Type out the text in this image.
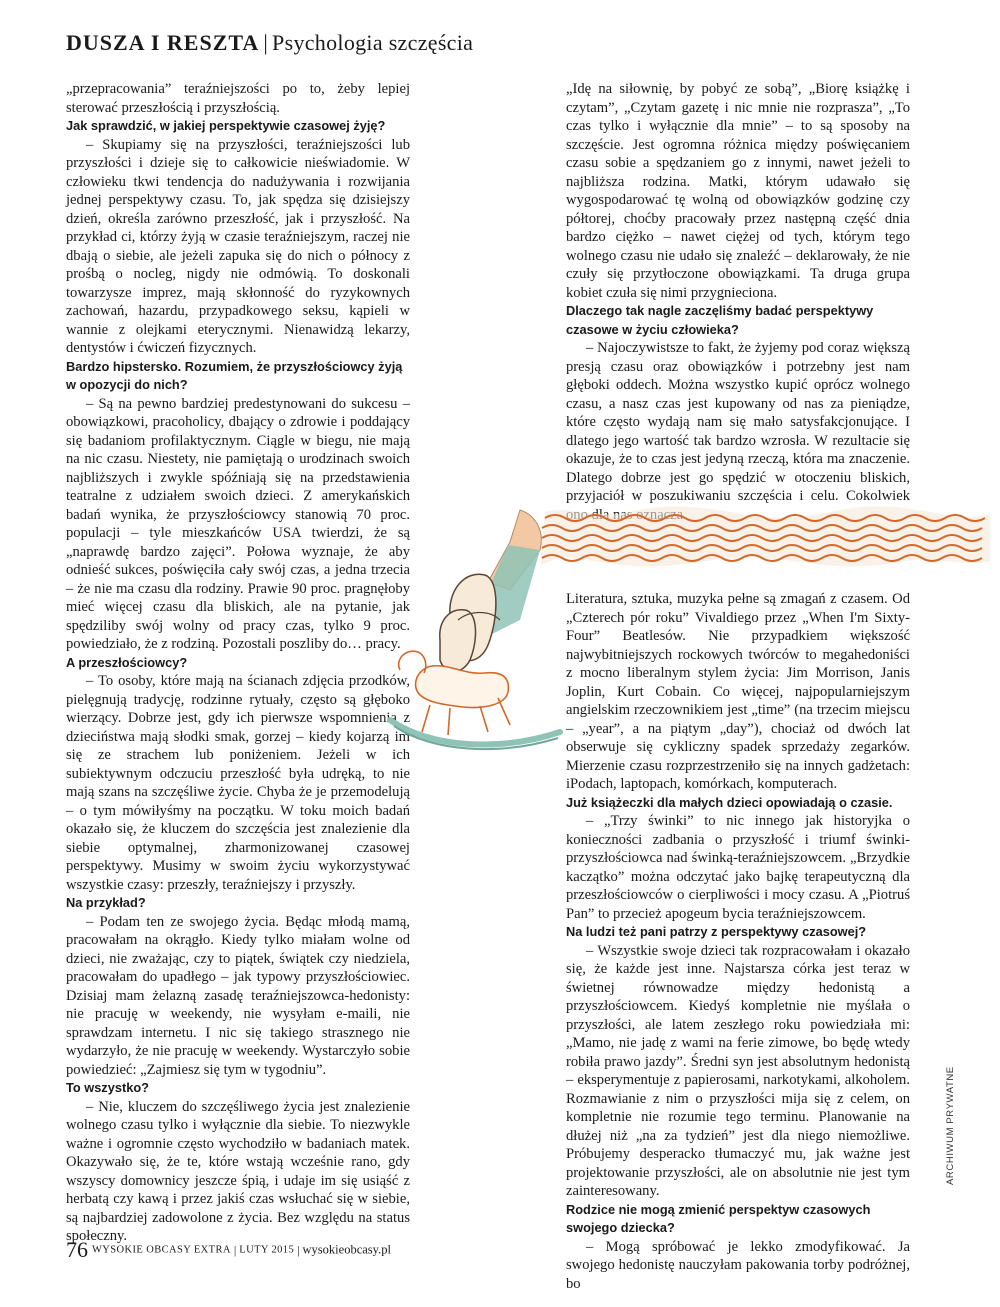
DUSZA I RESZTA | Psychologia szczęścia

„przepracowania” teraźniejszości po to, żeby lepiej sterować przeszłością i przyszłością.

Jak sprawdzić, w jakiej perspektywie czasowej żyję?

– Skupiamy się na przyszłości, teraźniejszości lub przyszłości i dzieje się to całkowicie nieświadomie. W człowieku tkwi tendencja do nadużywania i rozwijania jednej perspektywy czasu. To, jak spędza się dzisiejszy dzień, określa zarówno przeszłość, jak i przyszłość. Na przykład ci, którzy żyją w czasie teraźniejszym, raczej nie dbają o siebie, ale jeżeli zapuka się do nich o północy z prośbą o nocleg, nigdy nie odmówią. To doskonali towarzysze imprez, mają skłonność do ryzykownych zachowań, hazardu, przypadkowego seksu, kąpieli w wannie z olejkami eterycznymi. Nienawidzą lekarzy, dentystów i ćwiczeń fizycznych.

Bardzo hipstersko. Rozumiem, że przyszłościowcy żyją w opozycji do nich?

– Są na pewno bardziej predestynowani do sukcesu – obowiązkowi, pracoholicy, dbający o zdrowie i poddający się badaniom profilaktycznym. Ciągle w biegu, nie mają na nic czasu. Niestety, nie pamiętają o urodzinach swoich najbliższych i zwykle spóźniają się na przedstawienia teatralne z udziałem swoich dzieci. Z amerykańskich badań wynika, że przyszłościowcy stanowią 70 proc. populacji – tyle mieszkańców USA twierdzi, że są „naprawdę bardzo zajęci”. Połowa wyznaje, że aby odnieść sukces, poświęciła cały swój czas, a jedna trzecia – że nie ma czasu dla rodziny. Prawie 90 proc. pragnęłoby mieć więcej czasu dla bliskich, ale na pytanie, jak spędziliby swój wolny od pracy czas, tylko 9 proc. powiedziało, że z rodziną. Pozostali poszliby do… pracy.

A przeszłościowcy?

– To osoby, które mają na ścianach zdjęcia przodków, pielęgnują tradycję, rodzinne rytuały, często są głęboko wierzący. Dobrze jest, gdy ich pierwsze wspomnienia z dzieciństwa mają słodki smak, gorzej – kiedy kojarzą im się ze strachem lub poniżeniem. Jeżeli w ich subiektywnym odczuciu przeszłość była udręką, to nie mają szans na szczęśliwe życie. Chyba że je przemodelują – o tym mówiłyśmy na początku. W toku moich badań okazało się, że kluczem do szczęścia jest znalezienie dla siebie optymalnej, zharmonizowanej czasowej perspektywy. Musimy w swoim życiu wykorzystywać wszystkie czasy: przeszły, teraźniejszy i przyszły.

Na przykład?

– Podam ten ze swojego życia. Będąc młodą mamą, pracowałam na okrągło. Kiedy tylko miałam wolne od dzieci, nie zważając, czy to piątek, świątek czy niedziela, pracowałam do upadłego – jak typowy przyszłościowiec. Dzisiaj mam żelazną zasadę teraźniejszowca-hedonisty: nie pracuję w weekendy, nie wysyłam e-maili, nie sprawdzam internetu. I nic się takiego strasznego nie wydarzyło, że nie pracuję w weekendy. Wystarczyło sobie powiedzieć: „Zajmiesz się tym w tygodniu”.

To wszystko?

– Nie, kluczem do szczęśliwego życia jest znalezienie wolnego czasu tylko i wyłącznie dla siebie. To niezwykle ważne i ogromnie często wychodziło w badaniach matek. Okazywało się, że te, które wstają wcześnie rano, gdy wszyscy domownicy jeszcze śpią, i udaje im się usiąść z herbatą czy kawą i przez jakiś czas wsłuchać się w siebie, są najbardziej zadowolone z życia. Bez względu na status społeczny.

„Idę na siłownię, by pobyć ze sobą”, „Biorę książkę i czytam”, „Czytam gazetę i nic mnie nie rozprasza”, „To czas tylko i wyłącznie dla mnie” – to są sposoby na szczęście. Jest ogromna różnica między poświęcaniem czasu sobie a spędzaniem go z innymi, nawet jeżeli to najbliższa rodzina. Matki, którym udawało się wygospodarować tę wolną od obowiązków godzinę czy półtorej, choćby pracowały przez następną część dnia bardzo ciężko – nawet ciężej od tych, którym tego wolnego czasu nie udało się znaleźć – deklarowały, że nie czuły się przytłoczone obowiązkami. Ta druga grupa kobiet czuła się nimi przygnieciona.

Dlaczego tak nagle zaczęliśmy badać perspektywy czasowe w życiu człowieka?

– Najoczywistsze to fakt, że żyjemy pod coraz większą presją czasu oraz obowiązków i potrzebny jest nam głęboki oddech. Można wszystko kupić oprócz wolnego czasu, a nasz czas jest kupowany od nas za pieniądze, które często wydają nam się mało satysfakcjonujące. I dlatego jego wartość tak bardzo wzrosła. W rezultacie się okazuje, że to czas jest jedyną rzeczą, która ma znaczenie. Dlatego dobrze jest go spędzić w otoczeniu bliskich, przyjaciół w poszukiwaniu szczęścia i celu. Cokolwiek

Literatura, sztuka, muzyka pełne są zmagań z czasem. Od „Czterech pór roku” Vivaldiego przez „When I'm Sixty-Four” Beatlesów. Nie przypadkiem większość najwybitniejszych rockowych twórców to megahedoniści z mocno liberalnym stylem życia: Jim Morrison, Janis Joplin, Kurt Cobain. Co więcej, najpopularniejszym angielskim rzeczownikiem jest „time” (na trzecim miejscu – „year”, a na piątym „day”), chociaż od dwóch lat obserwuje się cykliczny spadek sprzedaży zegarków. Mierzenie czasu rozprzestrzeniło się na innych gadżetach: iPodach, laptopach, komórkach, komputerach.

Już książeczki dla małych dzieci opowiadają o czasie.

– „Trzy świnki” to nic innego jak historyjka o konieczności zadbania o przyszłość i triumf świnki-przyszłościowca nad świnką-teraźniejszowcem. „Brzydkie kaczątko” można odczytać jako bajkę terapeutyczną dla przeszłościowców o cierpliwości i mocy czasu. A „Piotruś Pan” to przecież apogeum bycia teraźniejszowcem.

Na ludzi też pani patrzy z perspektywy czasowej?

– Wszystkie swoje dzieci tak rozpracowałam i okazało się, że każde jest inne. Najstarsza córka jest teraz w świetnej równowadze między hedonistą a przyszłościowcem. Kiedyś kompletnie nie myślała o przyszłości, ale latem zeszłego roku powiedziała mi: „Mamo, nie jadę z wami na ferie zimowe, bo będę wtedy robiła prawo jazdy”. Średni syn jest absolutnym hedonistą – eksperymentuje z papierosami, narkotykami, alkoholem. Rozmawianie z nim o przyszłości mija się z celem, on kompletnie nie rozumie tego terminu. Planowanie na dłużej niż „na za tydzień” jest dla niego niemożliwe. Próbujemy desperacko tłumaczyć mu, jak ważne jest projektowanie przyszłości, ale on absolutnie nie jest tym zainteresowany.

Rodzice nie mogą zmienić perspektyw czasowych swojego dziecka?

– Mogą spróbować je lekko zmodyfikować. Ja swojego hedonistę nauczyłam pakowania torby podróżnej, bo

76 WYSOKIE OBCASY EXTRA | LUTY 2015 | wysokieobcasy.pl
ARCHIWUM PRYWATNE
